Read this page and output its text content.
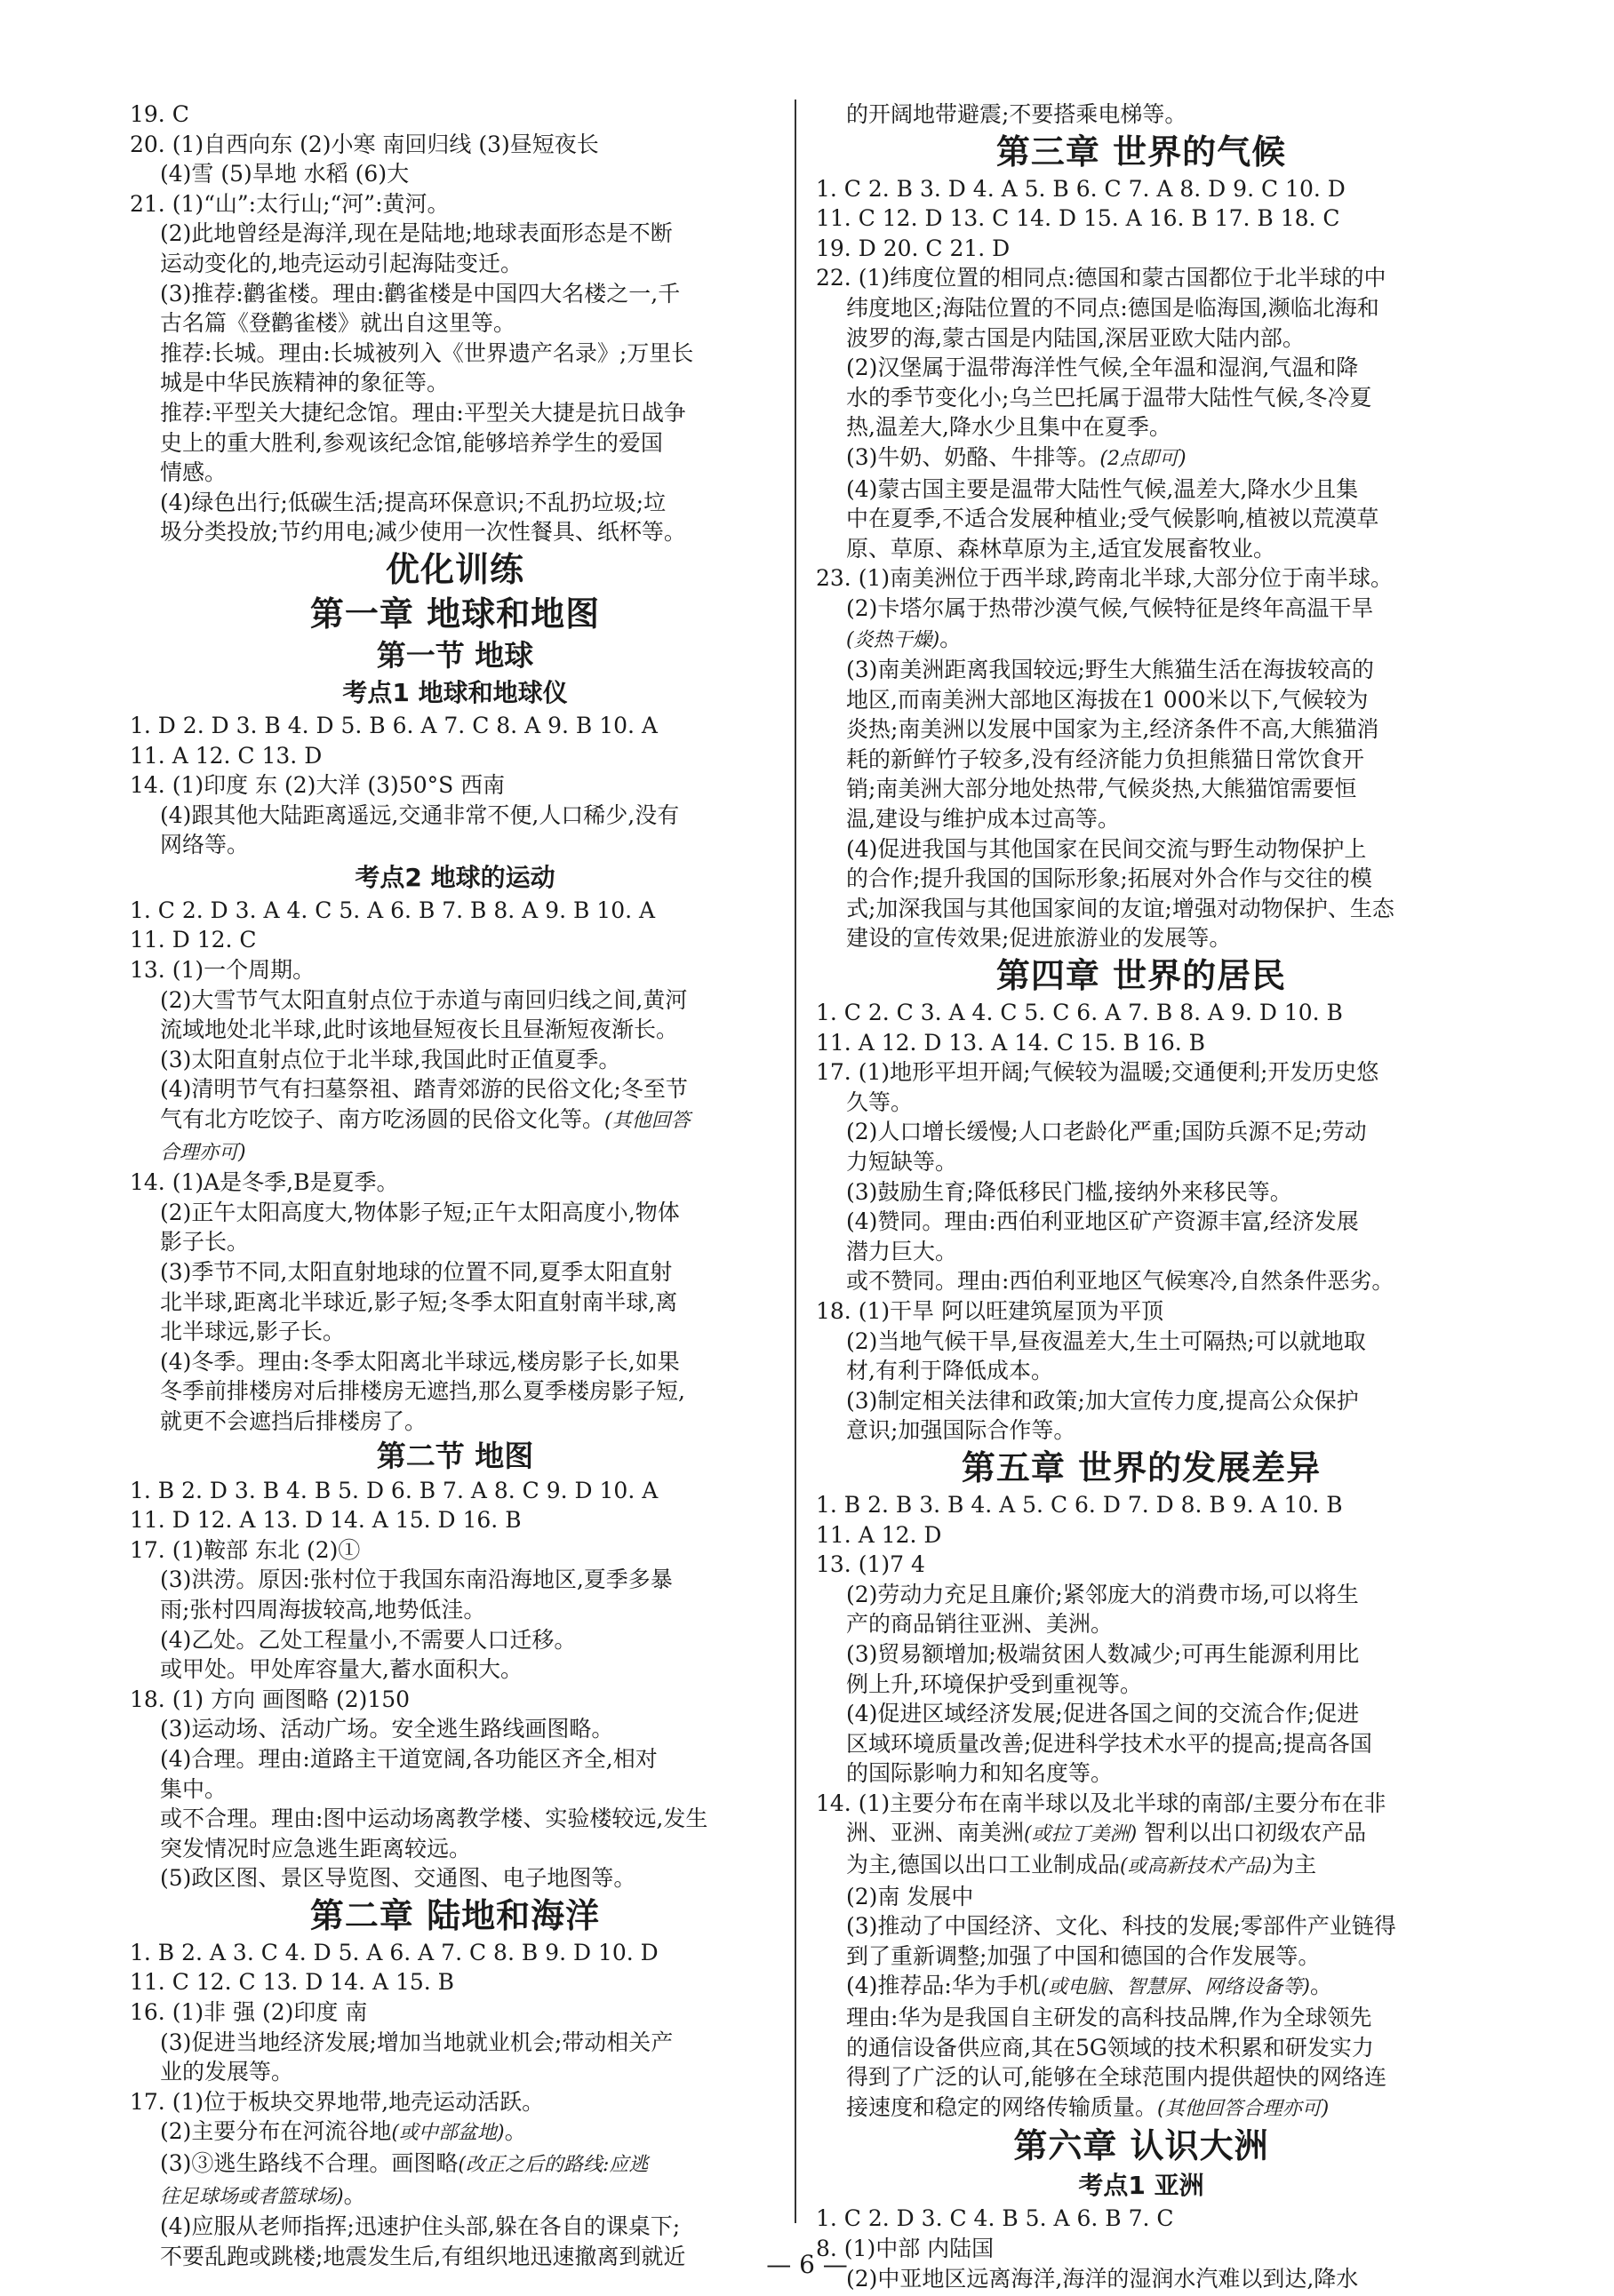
19. C
20. (1)自西向东 (2)小寒 南回归线 (3)昼短夜长
(4)雪 (5)旱地 水稻 (6)大
21. (1)“山”:太行山;“河”:黄河。
(2)此地曾经是海洋,现在是陆地;地球表面形态是不断
运动变化的,地壳运动引起海陆变迁。
(3)推荐:鹳雀楼。理由:鹳雀楼是中国四大名楼之一,千
古名篇《登鹳雀楼》就出自这里等。
推荐:长城。理由:长城被列入《世界遗产名录》;万里长
城是中华民族精神的象征等。
推荐:平型关大捷纪念馆。理由:平型关大捷是抗日战争
史上的重大胜利,参观该纪念馆,能够培养学生的爱国
情感。
(4)绿色出行;低碳生活;提高环保意识;不乱扔垃圾;垃
圾分类投放;节约用电;减少使用一次性餐具、纸杯等。
优化训练
第一章 地球和地图
第一节 地球
考点1 地球和地球仪
1. D 2. D 3. B 4. D 5. B 6. A 7. C 8. A 9. B 10. A
11. A 12. C 13. D
14. (1)印度 东 (2)大洋 (3)50°S 西南
(4)跟其他大陆距离遥远,交通非常不便,人口稀少,没有
网络等。
考点2 地球的运动
1. C 2. D 3. A 4. C 5. A 6. B 7. B 8. A 9. B 10. A
11. D 12. C
13. (1)一个周期。
(2)大雪节气太阳直射点位于赤道与南回归线之间,黄河
流域地处北半球,此时该地昼短夜长且昼渐短夜渐长。
(3)太阳直射点位于北半球,我国此时正值夏季。
(4)清明节气有扫墓祭祖、踏青郊游的民俗文化;冬至节
气有北方吃饺子、南方吃汤圆的民俗文化等。(其他回答
合理亦可)
14. (1)A是冬季,B是夏季。
(2)正午太阳高度大,物体影子短;正午太阳高度小,物体
影子长。
(3)季节不同,太阳直射地球的位置不同,夏季太阳直射
北半球,距离北半球近,影子短;冬季太阳直射南半球,离
北半球远,影子长。
(4)冬季。理由:冬季太阳离北半球远,楼房影子长,如果
冬季前排楼房对后排楼房无遮挡,那么夏季楼房影子短,
就更不会遮挡后排楼房了。
第二节 地图
1. B 2. D 3. B 4. B 5. D 6. B 7. A 8. C 9. D 10. A
11. D 12. A 13. D 14. A 15. D 16. B
17. (1)鞍部 东北 (2)①
(3)洪涝。原因:张村位于我国东南沿海地区,夏季多暴
雨;张村四周海拔较高,地势低洼。
(4)乙处。乙处工程量小,不需要人口迁移。
或甲处。甲处库容量大,蓄水面积大。
18. (1) 方向 画图略 (2)150
(3)运动场、活动广场。安全逃生路线画图略。
(4)合理。理由:道路主干道宽阔,各功能区齐全,相对
集中。
或不合理。理由:图中运动场离教学楼、实验楼较远,发生
突发情况时应急逃生距离较远。
(5)政区图、景区导览图、交通图、电子地图等。
第二章 陆地和海洋
1. B 2. A 3. C 4. D 5. A 6. A 7. C 8. B 9. D 10. D
11. C 12. C 13. D 14. A 15. B
16. (1)非 强 (2)印度 南
(3)促进当地经济发展;增加当地就业机会;带动相关产
业的发展等。
17. (1)位于板块交界地带,地壳运动活跃。
(2)主要分布在河流谷地(或中部盆地)。
(3)③逃生路线不合理。画图略(改正之后的路线:应逃
往足球场或者篮球场)。
(4)应服从老师指挥;迅速护住头部,躲在各自的课桌下;
不要乱跑或跳楼;地震发生后,有组织地迅速撤离到就近
的开阔地带避震;不要搭乘电梯等。
第三章 世界的气候
1. C 2. B 3. D 4. A 5. B 6. C 7. A 8. D 9. C 10. D
11. C 12. D 13. C 14. D 15. A 16. B 17. B 18. C
19. D 20. C 21. D
22. (1)纬度位置的相同点:德国和蒙古国都位于北半球的中
纬度地区;海陆位置的不同点:德国是临海国,濒临北海和
波罗的海,蒙古国是内陆国,深居亚欧大陆内部。
(2)汉堡属于温带海洋性气候,全年温和湿润,气温和降
水的季节变化小;乌兰巴托属于温带大陆性气候,冬冷夏
热,温差大,降水少且集中在夏季。
(3)牛奶、奶酪、牛排等。(2点即可)
(4)蒙古国主要是温带大陆性气候,温差大,降水少且集
中在夏季,不适合发展种植业;受气候影响,植被以荒漠草
原、草原、森林草原为主,适宜发展畜牧业。
23. (1)南美洲位于西半球,跨南北半球,大部分位于南半球。
(2)卡塔尔属于热带沙漠气候,气候特征是终年高温干旱
(炎热干燥)。
(3)南美洲距离我国较远;野生大熊猫生活在海拔较高的
地区,而南美洲大部地区海拔在1 000米以下,气候较为
炎热;南美洲以发展中国家为主,经济条件不高,大熊猫消
耗的新鲜竹子较多,没有经济能力负担熊猫日常饮食开
销;南美洲大部分地处热带,气候炎热,大熊猫馆需要恒
温,建设与维护成本过高等。
(4)促进我国与其他国家在民间交流与野生动物保护上
的合作;提升我国的国际形象;拓展对外合作与交往的模
式;加深我国与其他国家间的友谊;增强对动物保护、生态
建设的宣传效果;促进旅游业的发展等。
第四章 世界的居民
1. C 2. C 3. A 4. C 5. C 6. A 7. B 8. A 9. D 10. B
11. A 12. D 13. A 14. C 15. B 16. B
17. (1)地形平坦开阔;气候较为温暖;交通便利;开发历史悠
久等。
(2)人口增长缓慢;人口老龄化严重;国防兵源不足;劳动
力短缺等。
(3)鼓励生育;降低移民门槛,接纳外来移民等。
(4)赞同。理由:西伯利亚地区矿产资源丰富,经济发展
潜力巨大。
或不赞同。理由:西伯利亚地区气候寒冷,自然条件恶劣。
18. (1)干旱 阿以旺建筑屋顶为平顶
(2)当地气候干旱,昼夜温差大,生土可隔热;可以就地取
材,有利于降低成本。
(3)制定相关法律和政策;加大宣传力度,提高公众保护
意识;加强国际合作等。
第五章 世界的发展差异
1. B 2. B 3. B 4. A 5. C 6. D 7. D 8. B 9. A 10. B
11. A 12. D
13. (1)7 4
(2)劳动力充足且廉价;紧邻庞大的消费市场,可以将生
产的商品销往亚洲、美洲。
(3)贸易额增加;极端贫困人数减少;可再生能源利用比
例上升,环境保护受到重视等。
(4)促进区域经济发展;促进各国之间的交流合作;促进
区域环境质量改善;促进科学技术水平的提高;提高各国
的国际影响力和知名度等。
14. (1)主要分布在南半球以及北半球的南部/主要分布在非
洲、亚洲、南美洲(或拉丁美洲) 智利以出口初级农产品
为主,德国以出口工业制成品(或高新技术产品)为主
(2)南 发展中
(3)推动了中国经济、文化、科技的发展;零部件产业链得
到了重新调整;加强了中国和德国的合作发展等。
(4)推荐品:华为手机(或电脑、智慧屏、网络设备等)。
理由:华为是我国自主研发的高科技品牌,作为全球领先
的通信设备供应商,其在5G领域的技术积累和研发实力
得到了广泛的认可,能够在全球范围内提供超快的网络连
接速度和稳定的网络传输质量。(其他回答合理亦可)
第六章 认识大洲
考点1 亚洲
1. C 2. D 3. C 4. B 5. A 6. B 7. C
8. (1)中部 内陆国
(2)中亚地区远离海洋,海洋的湿润水汽难以到达,降水
— 6 —
